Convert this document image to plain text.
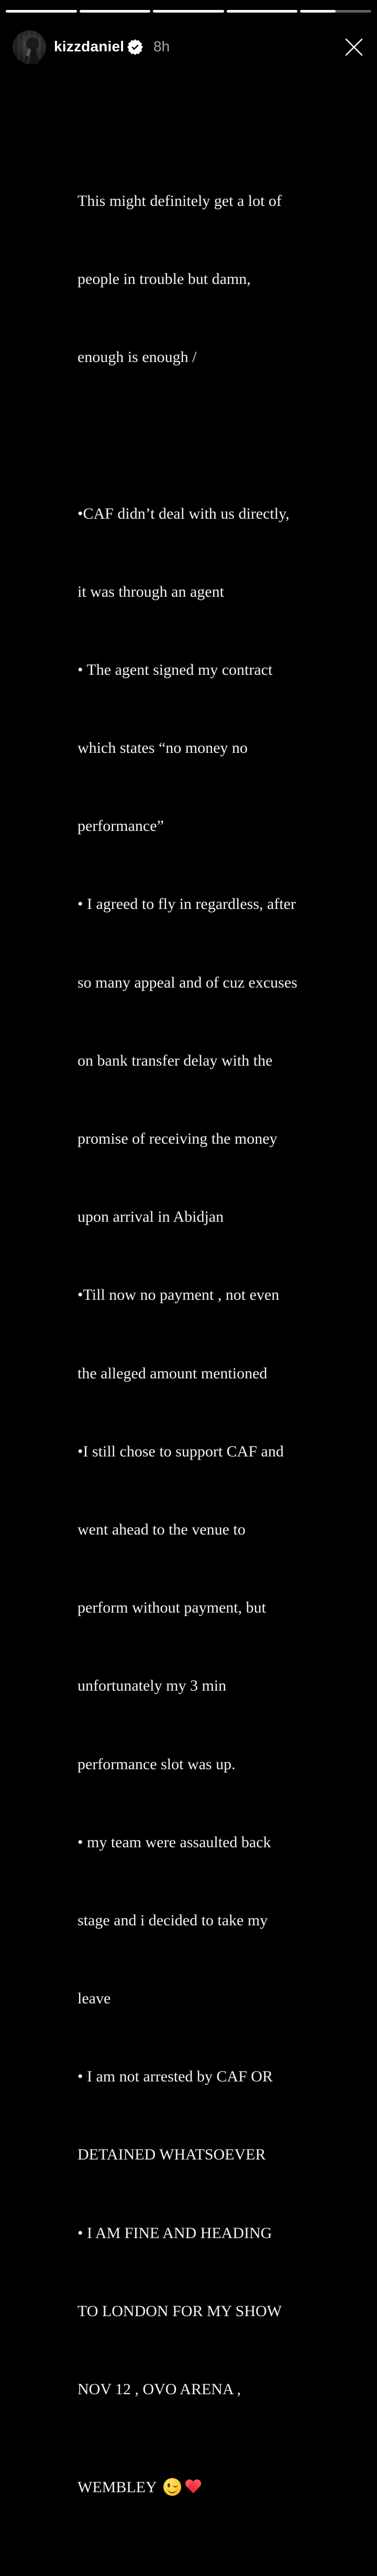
kizzdaniel 8h

This might definitely get a lot of

people in trouble but damn,

enough is enough /

•CAF didn’t deal with us directly,

it was through an agent

• The agent signed my contract

which states “no money no

performance”

• I agreed to fly in regardless, after

so many appeal and of cuz excuses

on bank transfer delay with the

promise of receiving the money

upon arrival in Abidjan

•Till now no payment , not even

the alleged amount mentioned

•I still chose to support CAF and

went ahead to the venue to

perform without payment, but

unfortunately my 3 min

performance slot was up.

• my team were assaulted back

stage and i decided to take my

leave

• I am not arrested by CAF OR

DETAINED WHATSOEVER

• I AM FINE AND HEADING

TO LONDON FOR MY SHOW

NOV 12 , OVO ARENA ,

WEMBLEY
